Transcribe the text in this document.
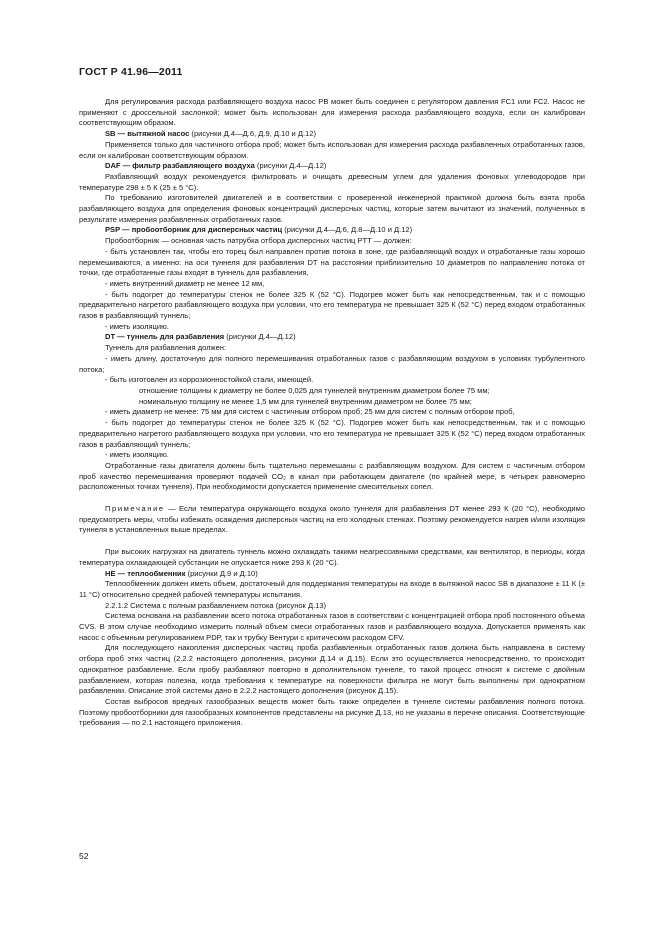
ГОСТ Р 41.96—2011

Для регулирования расхода разбавляющего воздуха насос PB может быть соединен с регулятором давления FC1 или FC2. Насос не применяют с дроссельной заслонкой; может быть использован для измерения расхода разбавляющего воздуха, если он калиброван соответствующим образом.

SB — вытяжной насос (рисунки Д.4—Д.6, Д.9, Д.10 и Д.12)

Применяется только для частичного отбора проб; может быть использован для измерения расхода разбавленных отработанных газов, если он калиброван соответствующим образом.

DAF — фильтр разбавляющего воздуха (рисунки Д.4—Д.12)

Разбавляющий воздух рекомендуется фильтровать и очищать древесным углем для удаления фоновых углеводородов при температуре 298 ± 5 К (25 ± 5 °С).

По требованию изготовителей двигателей и в соответствии с проверенной инженерной практикой должна быть взята проба разбавляющего воздуха для определения фоновых концентраций дисперсных частиц, которые затем вычитают из значений, полученных в результате измерения разбавленных отработанных газов.

PSP — пробоотборник для дисперсных частиц (рисунки Д.4—Д.6, Д.8—Д.10 и Д.12)

Пробоотборник — основная часть патрубка отбора дисперсных частиц PTT — должен:

- быть установлен так, чтобы его торец был направлен против потока в зоне, где разбавляющий воздух и отработанные газы хорошо перемешиваются, а именно: на оси туннеля для разбавления DT на расстоянии приблизительно 10 диаметров по направлению потока от точки, где отработанные газы входят в туннель для разбавления,

- иметь внутренний диаметр не менее 12 мм,

- быть подогрет до температуры стенок не более 325 К (52 °С). Подогрев может быть как непосредственным, так и с помощью предварительно нагретого разбавляющего воздуха при условии, что его температура не превышает 325 К (52 °С) перед входом отработанных газов в разбавляющий туннель;

- иметь изоляцию.

DT — туннель для разбавления (рисунки Д.4—Д.12)

Туннель для разбавления должен:

- иметь длину, достаточную для полного перемешивания отработанных газов с разбавляющим воздухом в условиях турбулентного потока;

- быть изготовлен из коррозионностойкой стали, имеющей.

отношение толщины к диаметру не более 0,025 для туннелей внутренним диаметром более 75 мм;

номинальную толщину не менее 1,5 мм для туннелей внутренним диаметром не более 75 мм;

- иметь диаметр не менее: 75 мм для систем с частичным отбором проб; 25 мм для систем с полным отбором проб,

- быть подогрет до температуры стенок не более 325 К (52 °С). Подогрев может быть как непосредственным, так и с помощью предварительно нагретого разбавляющего воздуха при условии, что его температура не превышает 325 К (52 °С) перед входом отработанных газов в разбавляющий туннель;

- иметь изоляцию.

Отработанные газы двигателя должны быть тщательно перемешаны с разбавляющим воздухом. Для систем с частичным отбором проб качество перемешивания проверяют подачей CO₂ в канал при работающем двигателе (по крайней мере, в четырех равномерно расположенных точках туннеля). При необходимости допускается применение смесительных сопел.

Примечание — Если температура окружающего воздуха около туннеля для разбавления DT менее 293 К (20 °С), необходимо предусмотреть меры, чтобы избежать осаждения дисперсных частиц на его холодных стенках. Поэтому рекомендуется нагрев и/или изоляция туннеля в установленных выше пределах.

При высоких нагрузках на двигатель туннель можно охлаждать такими неагрессивными средствами, как вентилятор, в периоды, когда температура охлаждающей субстанции не опускается ниже 293 К (20 °С).

HE — теплообменник (рисунки Д.9 и Д.10)

Теплообменник должен иметь объем, достаточный для поддержания температуры на входе в вытяжной насос SB в диапазоне ± 11 К (± 11 °С) относительно средней рабочей температуры испытания.

2.2.1.2 Система с полным разбавлением потока (рисунок Д.13)

Система основана на разбавлении всего потока отработанных газов в соответствии с концентрацией отбора проб постоянного объема CVS. В этом случае необходимо измерить полный объем смеси отработанных газов и разбавляющего воздуха. Допускается применять как насос с объемным регулированием PDP, так и трубку Вентури с критическим расходом CFV.

Для последующего накопления дисперсных частиц проба разбавленных отработанных газов должна быть направлена в систему отбора проб этих частиц (2.2.2 настоящего дополнения, рисунки Д.14 и Д.15). Если это осуществляется непосредственно, то происходит однократное разбавление. Если пробу разбавляют повторно в дополнительном туннеле, то такой процесс относят к системе с двойным разбавлением, которая полезна, когда требования к температуре на поверхности фильтра не могут быть выполнены при однократном разбавлении. Описание этой системы дано в 2.2.2 настоящего дополнения (рисунок Д.15).

Состав выбросов вредных газообразных веществ может быть также определен в туннеле системы разбавления полного потока. Поэтому пробоотборники для газообразных компонентов представлены на рисунке Д.13, но не указаны в перечне описания. Соответствующие требования — по 2.1 настоящего приложения.

52
